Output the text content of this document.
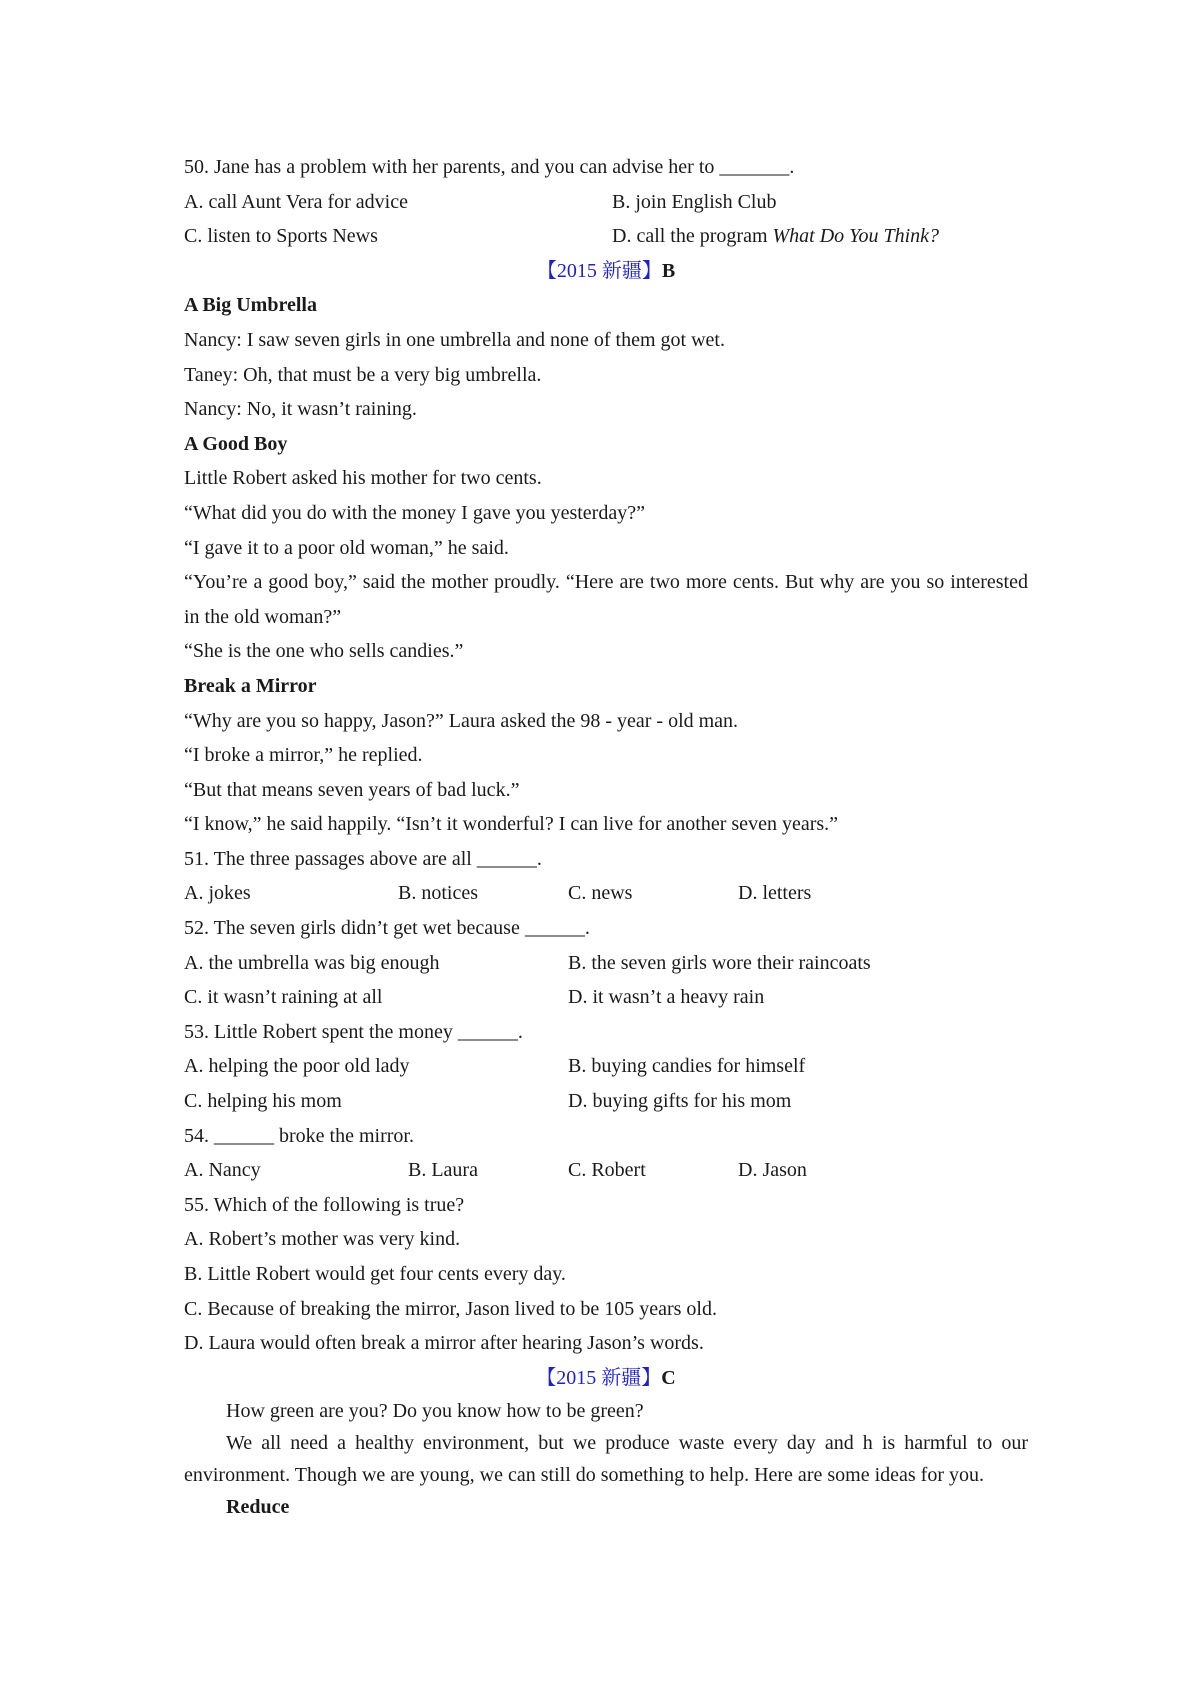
50. Jane has a problem with her parents, and you can advise her to _______.

A. call Aunt Vera for advice	B. join English Club
C. listen to Sports News	D. call the program What Do You Think?

【2015 新疆】B

A Big Umbrella

Nancy: I saw seven girls in one umbrella and none of them got wet.

Taney: Oh, that must be a very big umbrella.

Nancy: No, it wasn’t raining.

A Good Boy

Little Robert asked his mother for two cents.

“What did you do with the money I gave you yesterday?”

“I gave it to a poor old woman,” he said.

“You’re a good boy,” said the mother proudly. “Here are two more cents. But why are you so interested in the old woman?”

“She is the one who sells candies.”

Break a Mirror

“Why are you so happy, Jason?” Laura asked the 98 - year - old man.

“I broke a mirror,” he replied.

“But that means seven years of bad luck.”

“I know,” he said happily. “Isn’t it wonderful? I can live for another seven years.”

51. The three passages above are all ______.

A. jokes	B. notices	C. news	D. letters

52. The seven girls didn’t get wet because ______.

A. the umbrella was big enough	B. the seven girls wore their raincoats
C. it wasn’t raining at all	D. it wasn’t a heavy rain

53. Little Robert spent the money ______.

A. helping the poor old lady	B. buying candies for himself
C. helping his mom	D. buying gifts for his mom

54. ______ broke the mirror.

A. Nancy	B. Laura	C. Robert	D. Jason

55. Which of the following is true?

A. Robert’s mother was very kind.

B. Little Robert would get four cents every day.

C. Because of breaking the mirror, Jason lived to be 105 years old.

D. Laura would often break a mirror after hearing Jason’s words.

【2015 新疆】C

How green are you? Do you know how to be green?

We all need a healthy environment, but we produce waste every day and h is harmful to our environment. Though we are young, we can still do something to help. Here are some ideas for you.

Reduce
